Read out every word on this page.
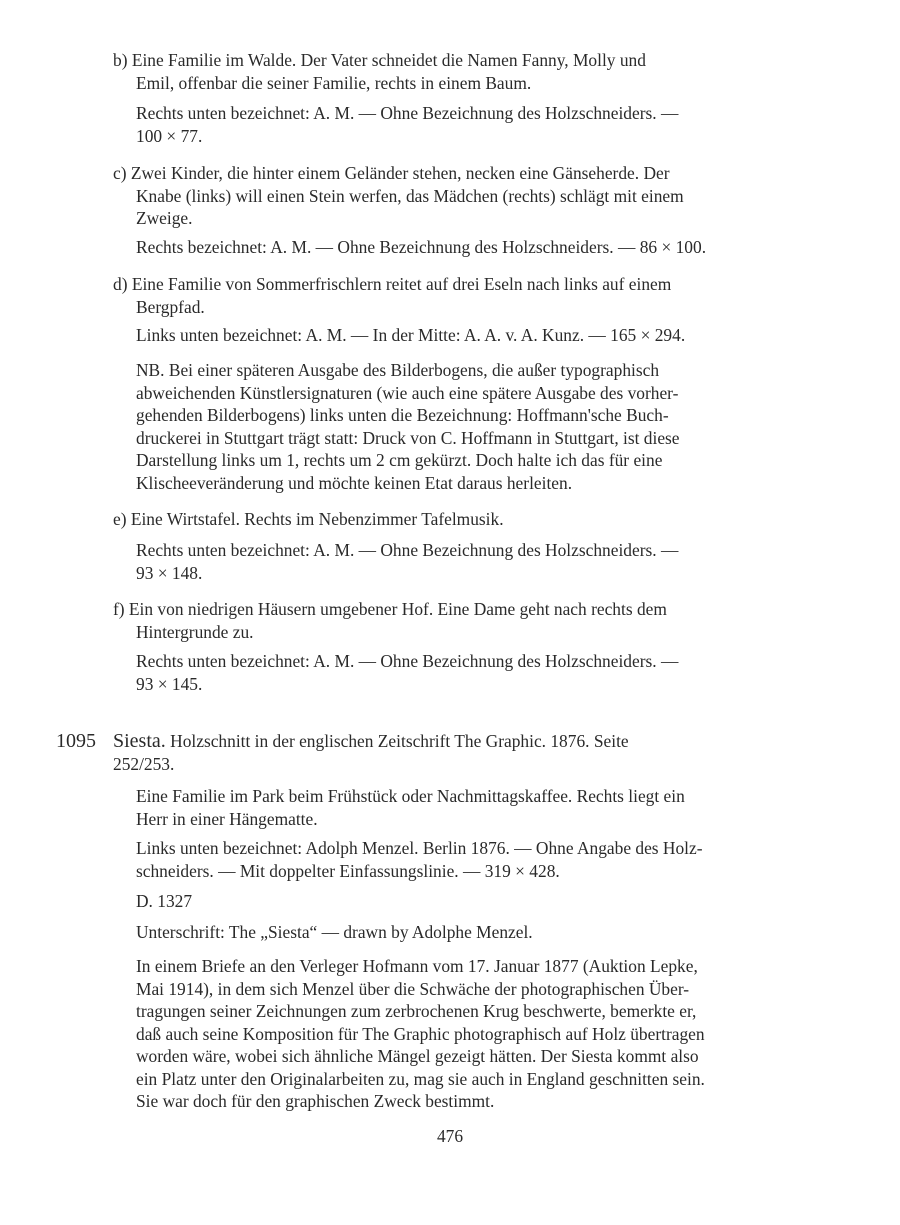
b) Eine Familie im Walde. Der Vater schneidet die Namen Fanny, Molly und
Emil, offenbar die seiner Familie, rechts in einem Baum.
Rechts unten bezeichnet: A. M. — Ohne Bezeichnung des Holzschneiders. —
100 × 77.
c) Zwei Kinder, die hinter einem Geländer stehen, necken eine Gänseherde. Der
Knabe (links) will einen Stein werfen, das Mädchen (rechts) schlägt mit einem
Zweige.
Rechts bezeichnet: A. M. — Ohne Bezeichnung des Holzschneiders. — 86 × 100.
d) Eine Familie von Sommerfrischlern reitet auf drei Eseln nach links auf einem
Bergpfad.
Links unten bezeichnet: A. M. — In der Mitte: A. A. v. A. Kunz. — 165 × 294.
NB. Bei einer späteren Ausgabe des Bilderbogens, die außer typographisch
abweichenden Künstlersignaturen (wie auch eine spätere Ausgabe des vorher-
gehenden Bilderbogens) links unten die Bezeichnung: Hoffmann'sche Buch-
druckerei in Stuttgart trägt statt: Druck von C. Hoffmann in Stuttgart, ist diese
Darstellung links um 1, rechts um 2 cm gekürzt. Doch halte ich das für eine
Klischeeveränderung und möchte keinen Etat daraus herleiten.
e) Eine Wirtstafel. Rechts im Nebenzimmer Tafelmusik.
Rechts unten bezeichnet: A. M. — Ohne Bezeichnung des Holzschneiders. —
93 × 148.
f) Ein von niedrigen Häusern umgebener Hof. Eine Dame geht nach rechts dem
Hintergrunde zu.
Rechts unten bezeichnet: A. M. — Ohne Bezeichnung des Holzschneiders. —
93 × 145.
1095 Siesta. Holzschnitt in der englischen Zeitschrift The Graphic. 1876. Seite
252/253.
Eine Familie im Park beim Frühstück oder Nachmittagskaffee. Rechts liegt ein
Herr in einer Hängematte.
Links unten bezeichnet: Adolph Menzel. Berlin 1876. — Ohne Angabe des Holz-
schneiders. — Mit doppelter Einfassungslinie. — 319 × 428.
D. 1327
Unterschrift: The „Siesta“ — drawn by Adolphe Menzel.
In einem Briefe an den Verleger Hofmann vom 17. Januar 1877 (Auktion Lepke,
Mai 1914), in dem sich Menzel über die Schwäche der photographischen Über-
tragungen seiner Zeichnungen zum zerbrochenen Krug beschwerte, bemerkte er,
daß auch seine Komposition für The Graphic photographisch auf Holz übertragen
worden wäre, wobei sich ähnliche Mängel gezeigt hätten. Der Siesta kommt also
ein Platz unter den Originalarbeiten zu, mag sie auch in England geschnitten sein.
Sie war doch für den graphischen Zweck bestimmt.
476
